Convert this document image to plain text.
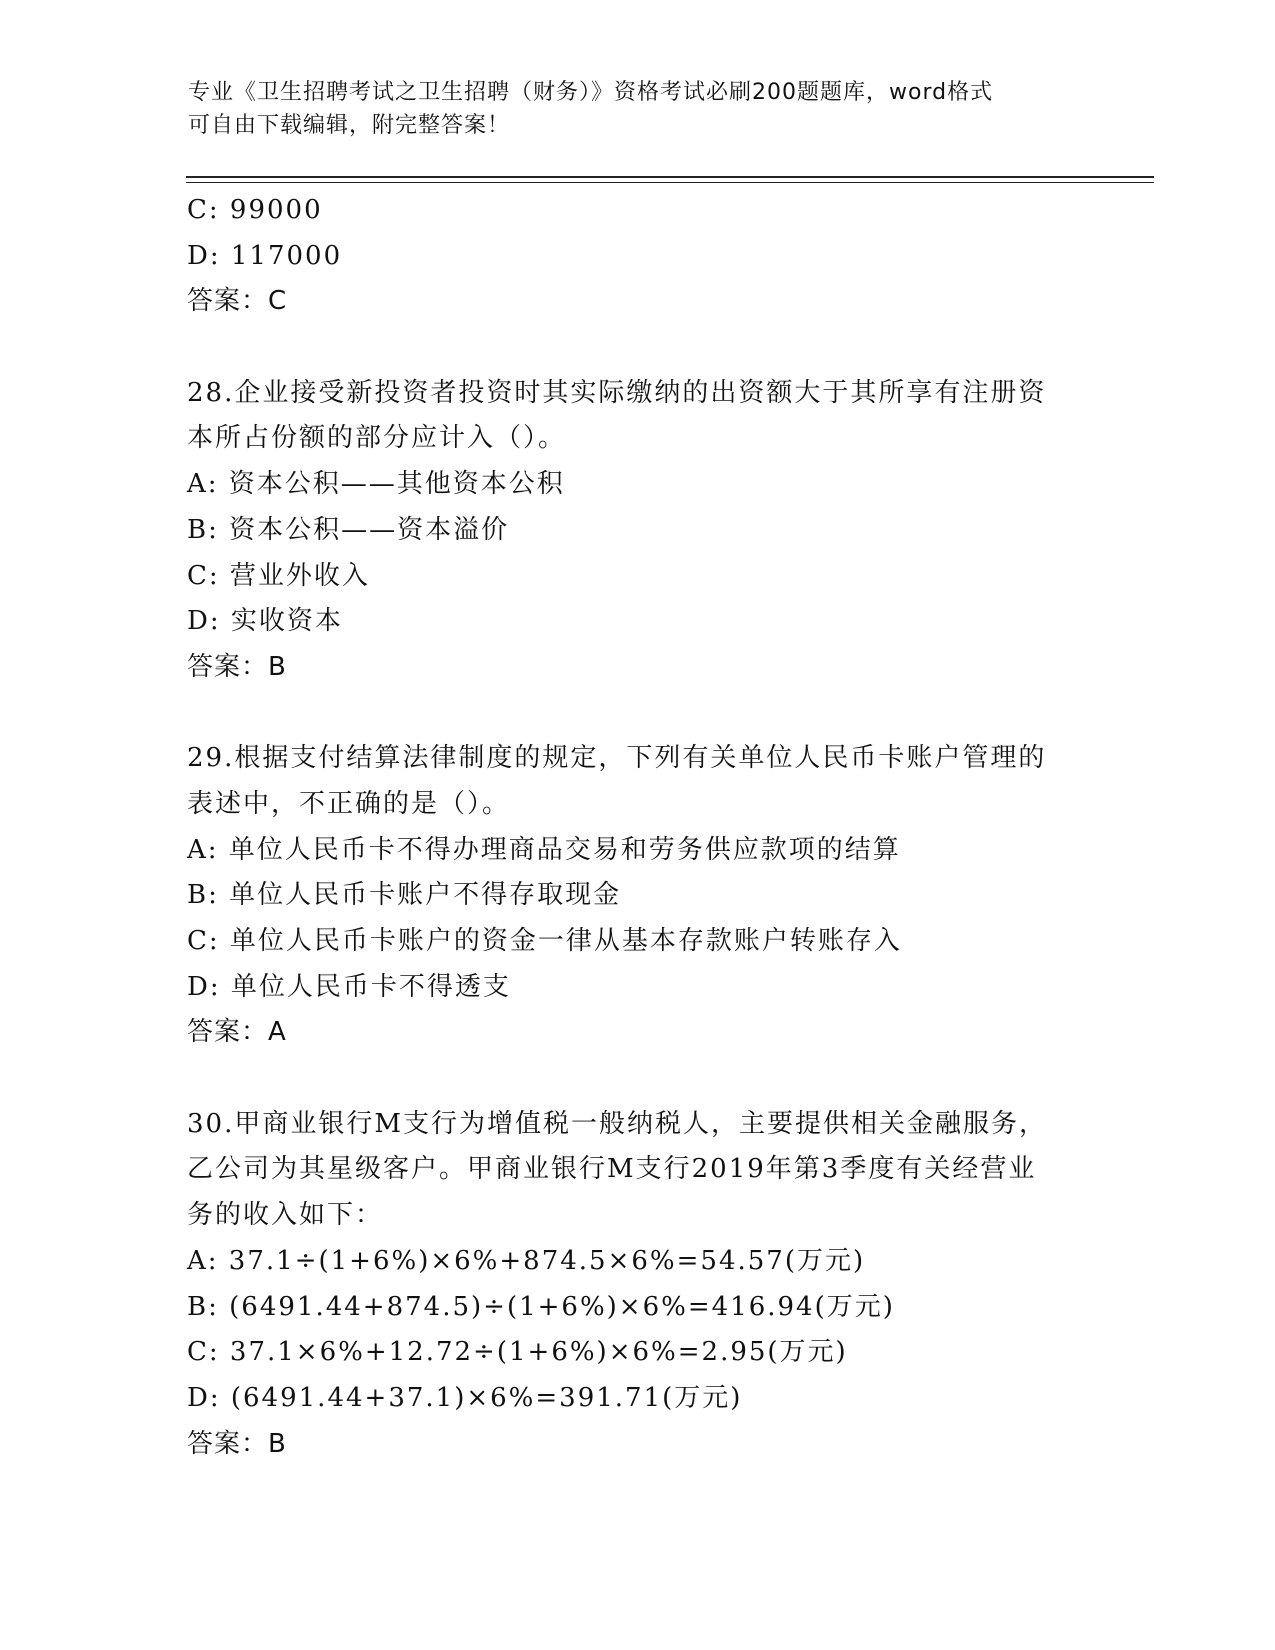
专业《卫生招聘考试之卫生招聘（财务）》资格考试必刷200题题库，word格式
可自由下载编辑，附完整答案！
C: 99000
D: 117000
答案：C
28.企业接受新投资者投资时其实际缴纳的出资额大于其所享有注册资
本所占份额的部分应计入（）。
A: 资本公积——其他资本公积
B: 资本公积——资本溢价
C: 营业外收入
D: 实收资本
答案：B
29.根据支付结算法律制度的规定，下列有关单位人民币卡账户管理的
表述中，不正确的是（）。
A: 单位人民币卡不得办理商品交易和劳务供应款项的结算
B: 单位人民币卡账户不得存取现金
C: 单位人民币卡账户的资金一律从基本存款账户转账存入
D: 单位人民币卡不得透支
答案：A
30.甲商业银行M支行为增值税一般纳税人，主要提供相关金融服务，
乙公司为其星级客户。甲商业银行M支行2019年第3季度有关经营业
务的收入如下：
A: 37.1÷(1+6%)×6%+874.5×6%=54.57(万元)
B: (6491.44+874.5)÷(1+6%)×6%=416.94(万元)
C: 37.1×6%+12.72÷(1+6%)×6%=2.95(万元)
D: (6491.44+37.1)×6%=391.71(万元)
答案：B
